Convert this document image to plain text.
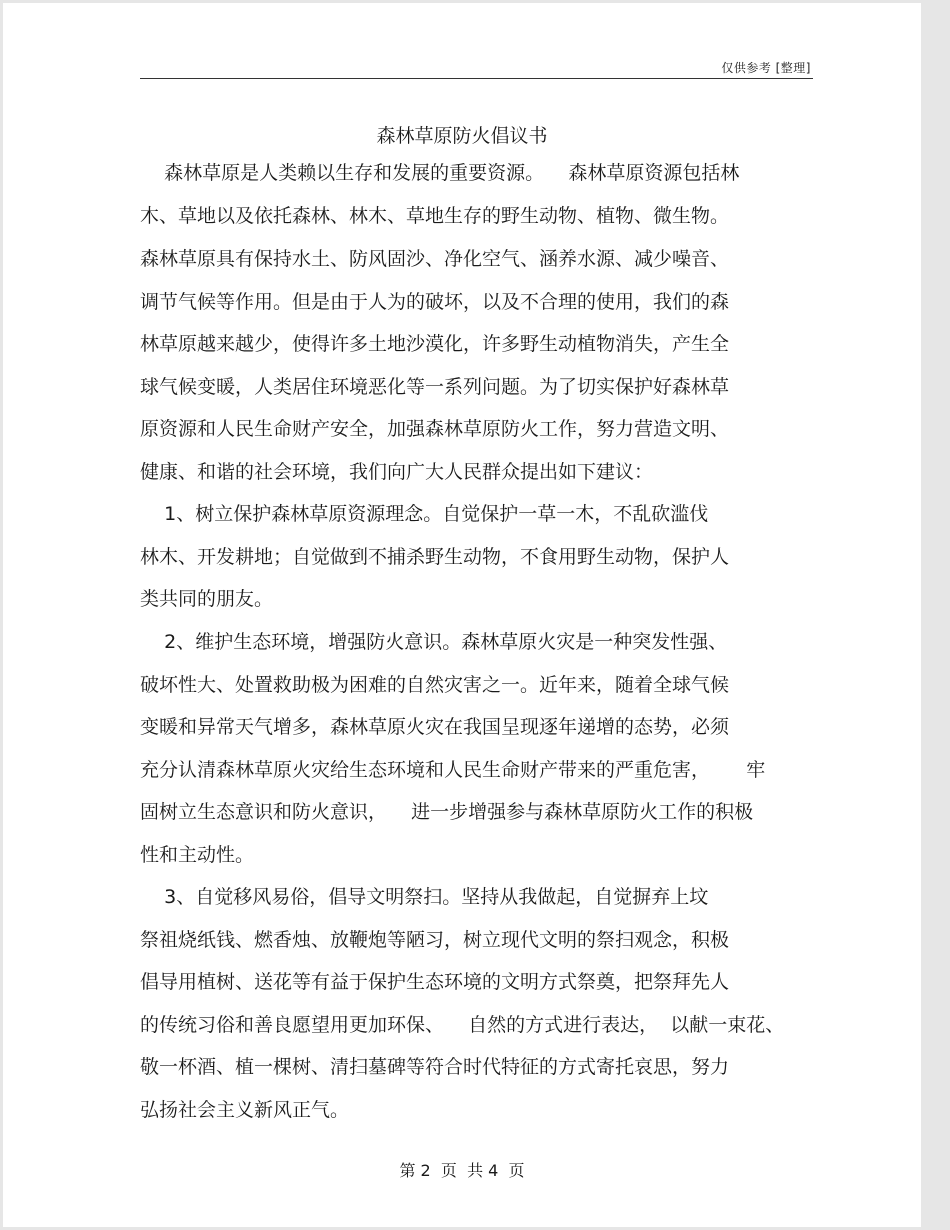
仅供参考 [整理]
森林草原防火倡议书
森林草原是人类赖以生存和发展的重要资源。    森林草原资源包括林
木、草地以及依托森林、林木、草地生存的野生动物、植物、微生物。
森林草原具有保持水土、防风固沙、净化空气、涵养水源、减少噪音、
调节气候等作用。但是由于人为的破坏，以及不合理的使用，我们的森
林草原越来越少，使得许多土地沙漠化，许多野生动植物消失，产生全
球气候变暖，人类居住环境恶化等一系列问题。为了切实保护好森林草
原资源和人民生命财产安全，加强森林草原防火工作，努力营造文明、
健康、和谐的社会环境，我们向广大人民群众提出如下建议：
1、树立保护森林草原资源理念。自觉保护一草一木，不乱砍滥伐
林木、开发耕地；自觉做到不捕杀野生动物，不食用野生动物，保护人
类共同的朋友。
2、维护生态环境，增强防火意识。森林草原火灾是一种突发性强、
破坏性大、处置救助极为困难的自然灾害之一。近年来，随着全球气候
变暖和异常天气增多，森林草原火灾在我国呈现逐年递增的态势，必须
充分认清森林草原火灾给生态环境和人民生命财产带来的严重危害，      牢
固树立生态意识和防火意识，    进一步增强参与森林草原防火工作的积极
性和主动性。
3、自觉移风易俗，倡导文明祭扫。坚持从我做起，自觉摒弃上坟
祭祖烧纸钱、燃香烛、放鞭炮等陋习，树立现代文明的祭扫观念，积极
倡导用植树、送花等有益于保护生态环境的文明方式祭奠，把祭拜先人
的传统习俗和善良愿望用更加环保、    自然的方式进行表达，  以献一束花、
敬一杯酒、植一棵树、清扫墓碑等符合时代特征的方式寄托哀思，努力
弘扬社会主义新风正气。
第 2  页  共 4  页
